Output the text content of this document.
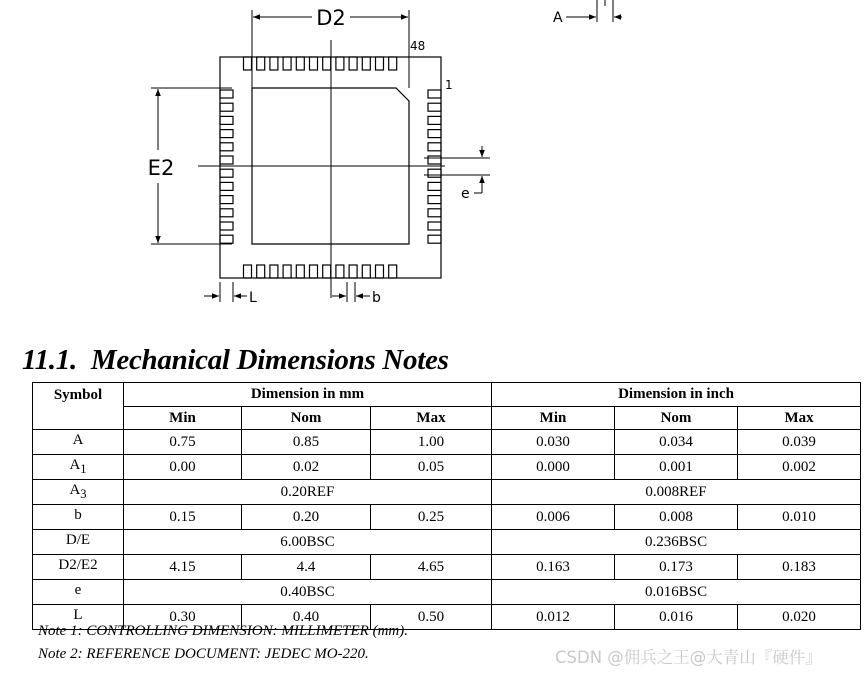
D2
E2
48
1
e
L	b
A
11.1. Mechanical Dimensions Notes
Symbol	Dimension in mm			Dimension in inch		
	Min	Nom	Max	Min	Nom	Max
A	0.75	0.85	1.00	0.030	0.034	0.039
$A_1$	0.00	0.02	0.05	0.000	0.001	0.002
$A_3$	0.20REF			0.008REF		
b	0.15	0.20	0.25	0.006	0.008	0.010
D/E	6.00BSC			0.236BSC		
D2/E2	4.15	4.4	4.65	0.163	0.173	0.183
e	0.40BSC			0.016BSC		
L	0.30	0.40	0.50	0.012	0.016	0.020
Note 1: CONTROLLING DIMENSION: MILLIMETER (mm).
Note 2: REFERENCE DOCUMENT: JEDEC MO-220.	CSDN @佣兵之王@大青山『硬件』
